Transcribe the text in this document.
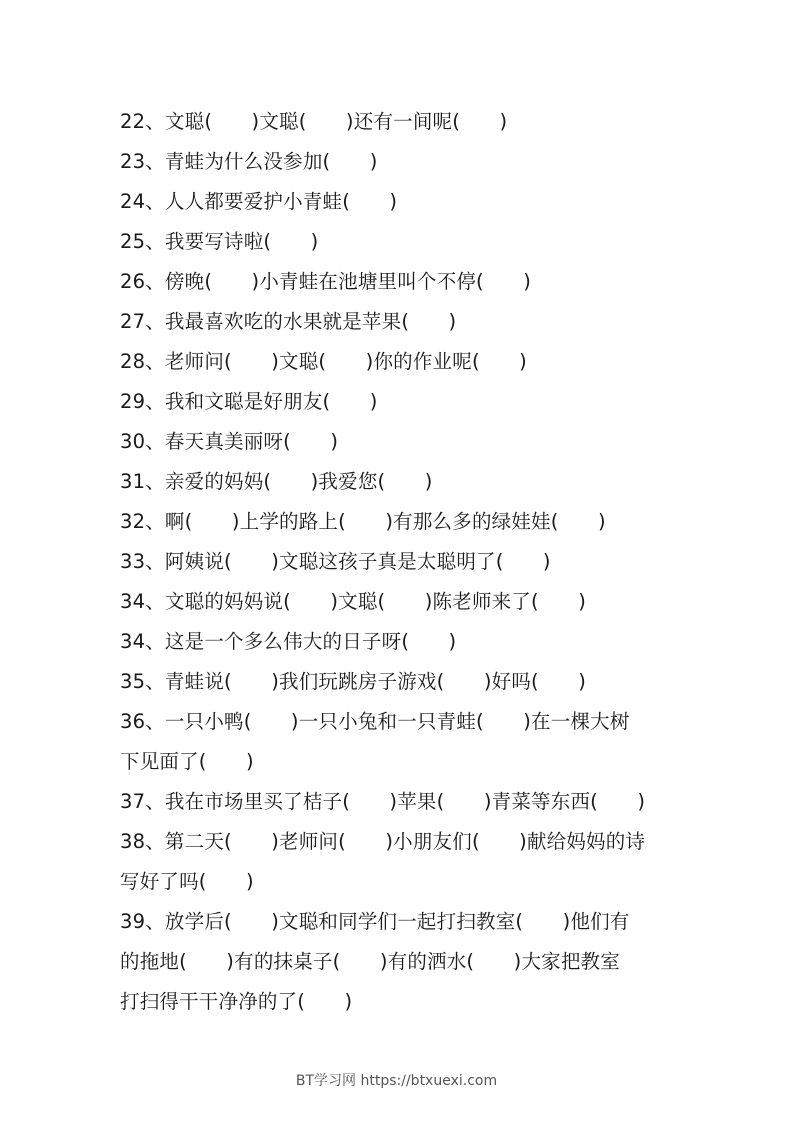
22、文聪(　　)文聪(　　)还有一间呢(　　)
23、青蛙为什么没参加(　　)
24、人人都要爱护小青蛙(　　)
25、我要写诗啦(　　)
26、傍晚(　　)小青蛙在池塘里叫个不停(　　)
27、我最喜欢吃的水果就是苹果(　　)
28、老师问(　　)文聪(　　)你的作业呢(　　)
29、我和文聪是好朋友(　　)
30、春天真美丽呀(　　)
31、亲爱的妈妈(　　)我爱您(　　)
32、啊(　　)上学的路上(　　)有那么多的绿娃娃(　　)
33、阿姨说(　　)文聪这孩子真是太聪明了(　　)
34、文聪的妈妈说(　　)文聪(　　)陈老师来了(　　)
34、这是一个多么伟大的日子呀(　　)
35、青蛙说(　　)我们玩跳房子游戏(　　)好吗(　　)
36、一只小鸭(　　)一只小兔和一只青蛙(　　)在一棵大树
下见面了(　　)
37、我在市场里买了桔子(　　)苹果(　　)青菜等东西(　　)
38、第二天(　　)老师问(　　)小朋友们(　　)献给妈妈的诗
写好了吗(　　)
39、放学后(　　)文聪和同学们一起打扫教室(　　)他们有
的拖地(　　)有的抹桌子(　　)有的洒水(　　)大家把教室
打扫得干干净净的了(　　)
BT学习网 https://btxuexi.com
